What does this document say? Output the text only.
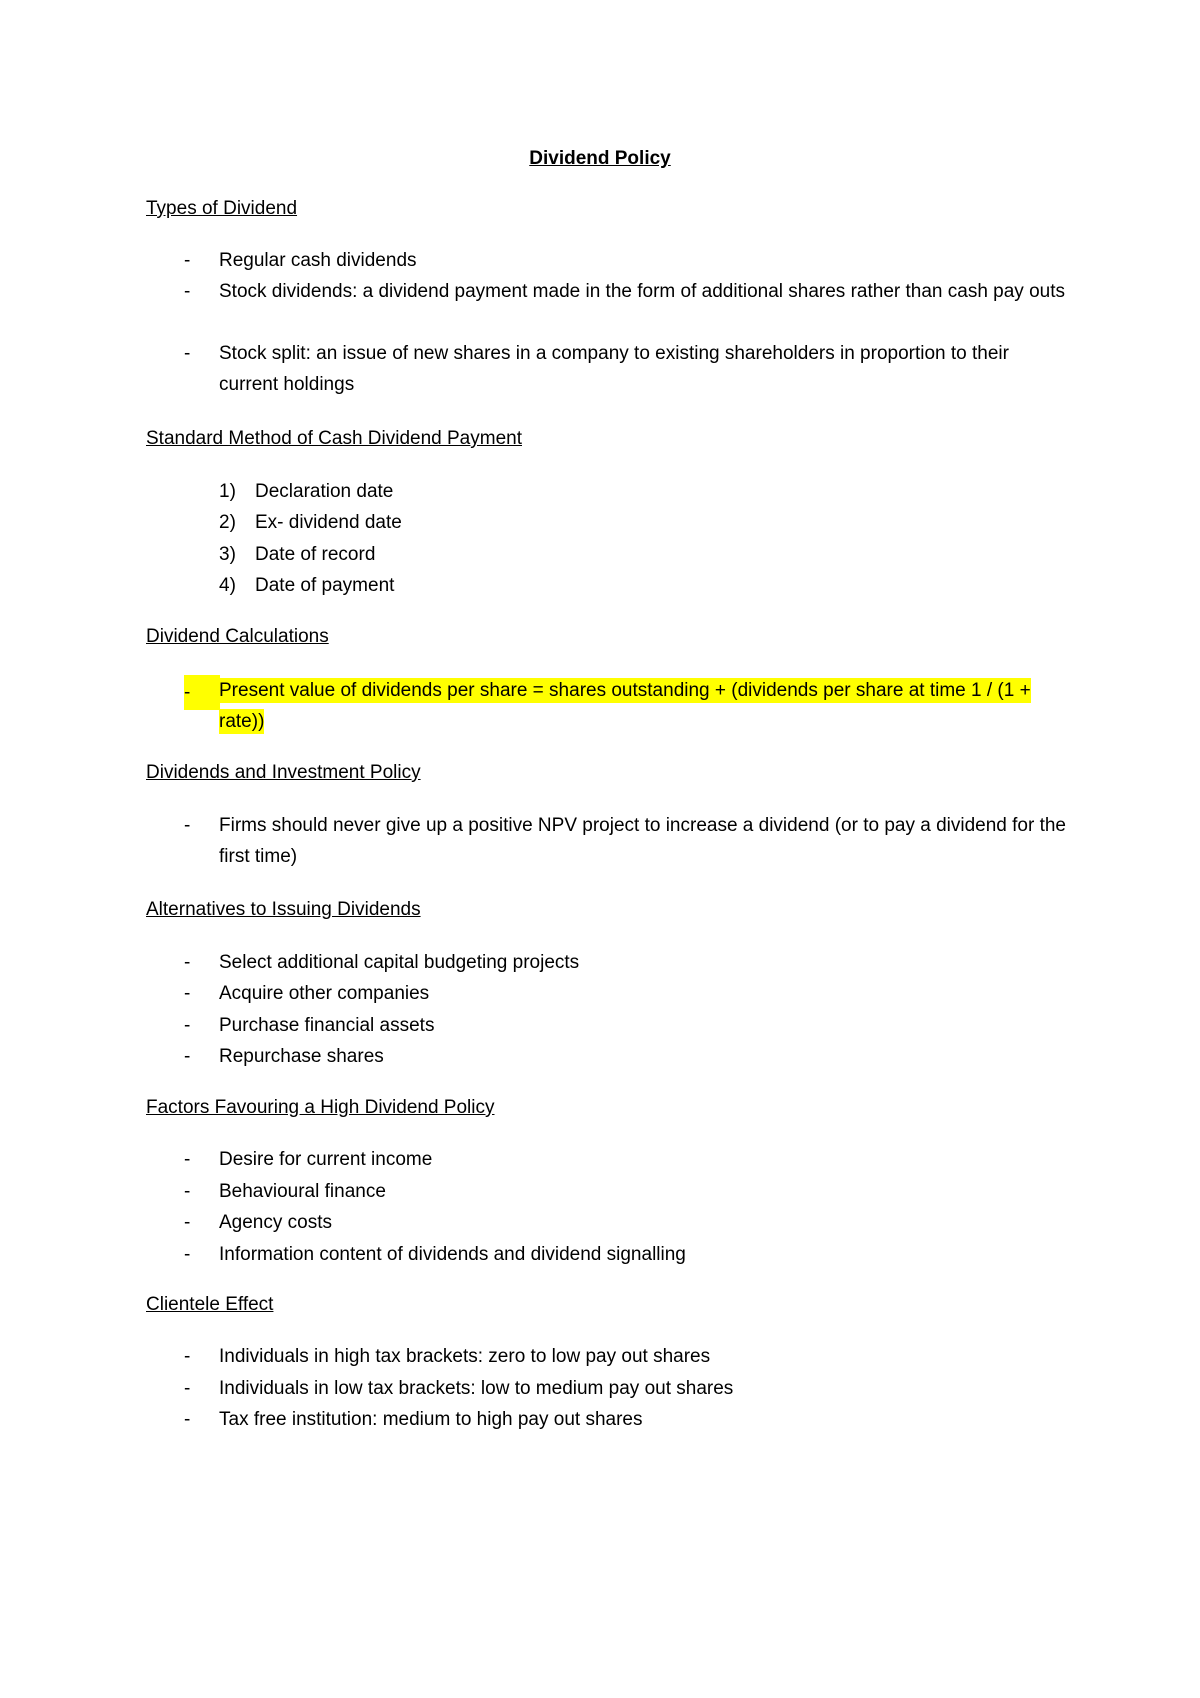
Dividend Policy
Types of Dividend
- Regular cash dividends
- Stock dividends: a dividend payment made in the form of additional shares rather than cash pay outs
- Stock split: an issue of new shares in a company to existing shareholders in proportion to their current holdings
Standard Method of Cash Dividend Payment
1) Declaration date
2) Ex- dividend date
3) Date of record
4) Date of payment
Dividend Calculations
-	Present value of dividends per share = shares outstanding + (dividends per share at time 1 / (1 + rate))
Dividends and Investment Policy
- Firms should never give up a positive NPV project to increase a dividend (or to pay a dividend for the first time)
Alternatives to Issuing Dividends
- Select additional capital budgeting projects
- Acquire other companies
- Purchase financial assets
- Repurchase shares
Factors Favouring a High Dividend Policy
- Desire for current income
- Behavioural finance
- Agency costs
- Information content of dividends and dividend signalling
Clientele Effect
- Individuals in high tax brackets: zero to low pay out shares
- Individuals in low tax brackets: low to medium pay out shares
- Tax free institution: medium to high pay out shares
